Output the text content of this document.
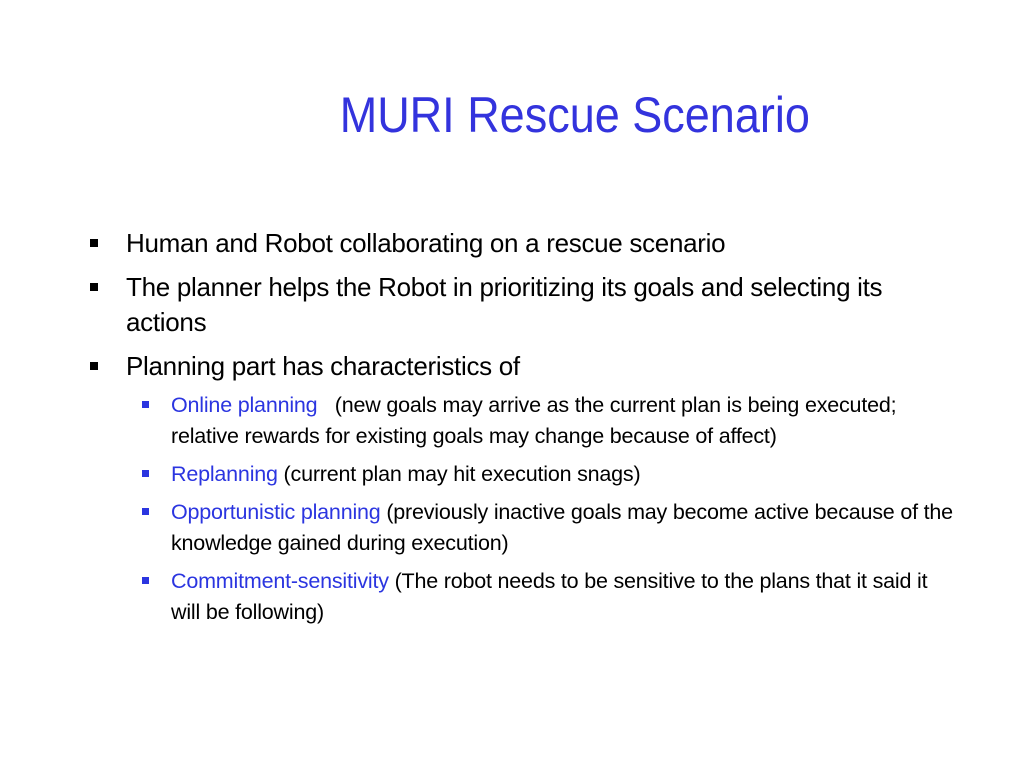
MURI Rescue Scenario
Human and Robot collaborating on a rescue scenario
The planner helps the Robot in prioritizing its goals and selecting its actions
Planning part has characteristics of
Online planning   (new goals may arrive as the current plan is being executed; relative rewards for existing goals may change because of affect)
Replanning (current plan may hit execution snags)
Opportunistic planning (previously inactive goals may become active because of the knowledge gained during execution)
Commitment-sensitivity (The robot needs to be sensitive to the plans that it said it will be following)
